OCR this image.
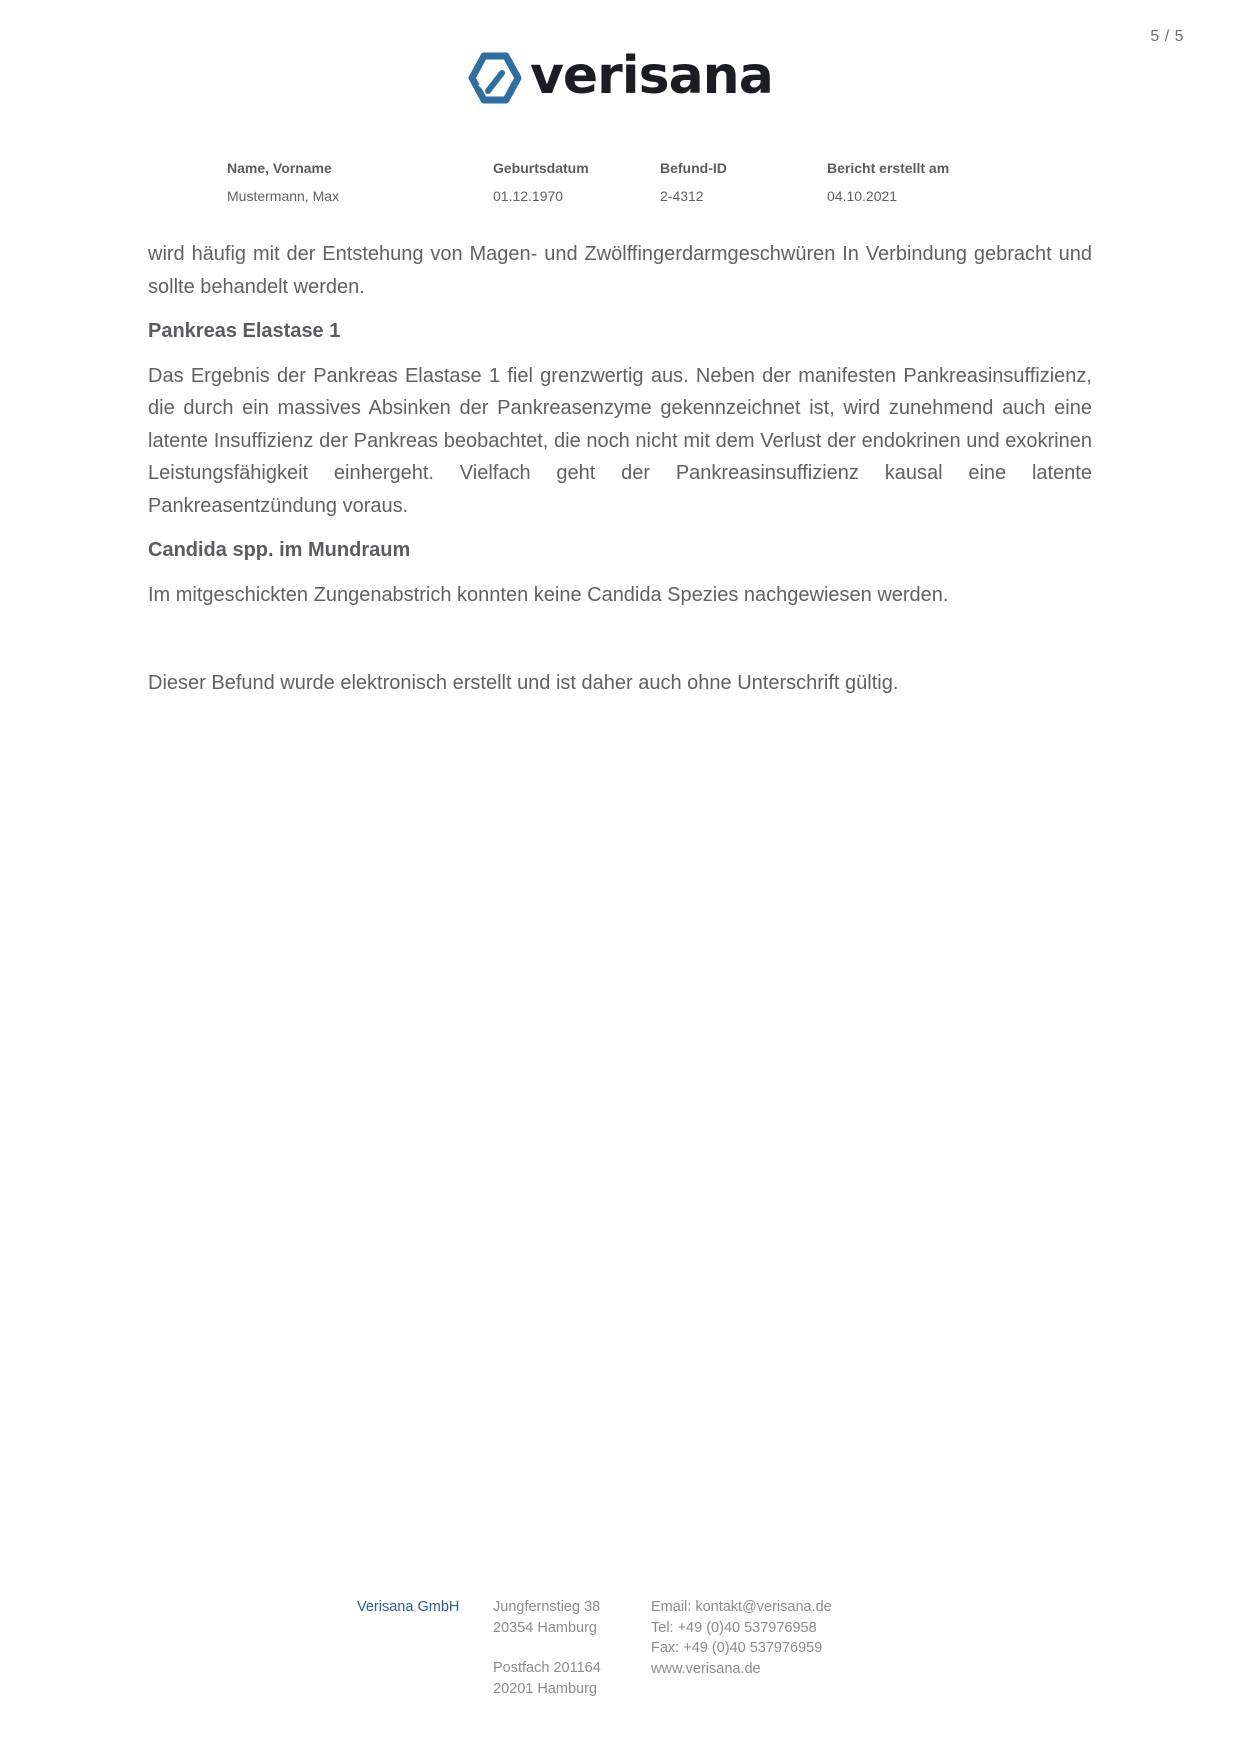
5 / 5
verisana
Name, Vorname
Mustermann, Max
Geburtsdatum
01.12.1970
Befund-ID
2-4312
Bericht erstellt am
04.10.2021

wird häufig mit der Entstehung von Magen- und Zwölffingerdarmgeschwüren In Verbindung gebracht und sollte behandelt werden.

Pankreas Elastase 1

Das Ergebnis der Pankreas Elastase 1 fiel grenzwertig aus. Neben der manifesten Pankreasinsuffizienz, die durch ein massives Absinken der Pankreasenzyme gekennzeichnet ist, wird zunehmend auch eine latente Insuffizienz der Pankreas beobachtet, die noch nicht mit dem Verlust der endokrinen und exokrinen Leistungsfähigkeit einhergeht. Vielfach geht der Pankreasinsuffizienz kausal eine latente Pankreasentzündung voraus.

Candida spp. im Mundraum

Im mitgeschickten Zungenabstrich konnten keine Candida Spezies nachgewiesen werden.

Dieser Befund wurde elektronisch erstellt und ist daher auch ohne Unterschrift gültig.

Verisana GmbH Jungfernstieg 38
20354 Hamburg
Postfach 201164
20201 Hamburg
Email: kontakt@verisana.de
Tel: +49 (0)40 537976958
Fax: +49 (0)40 537976959
www.verisana.de
